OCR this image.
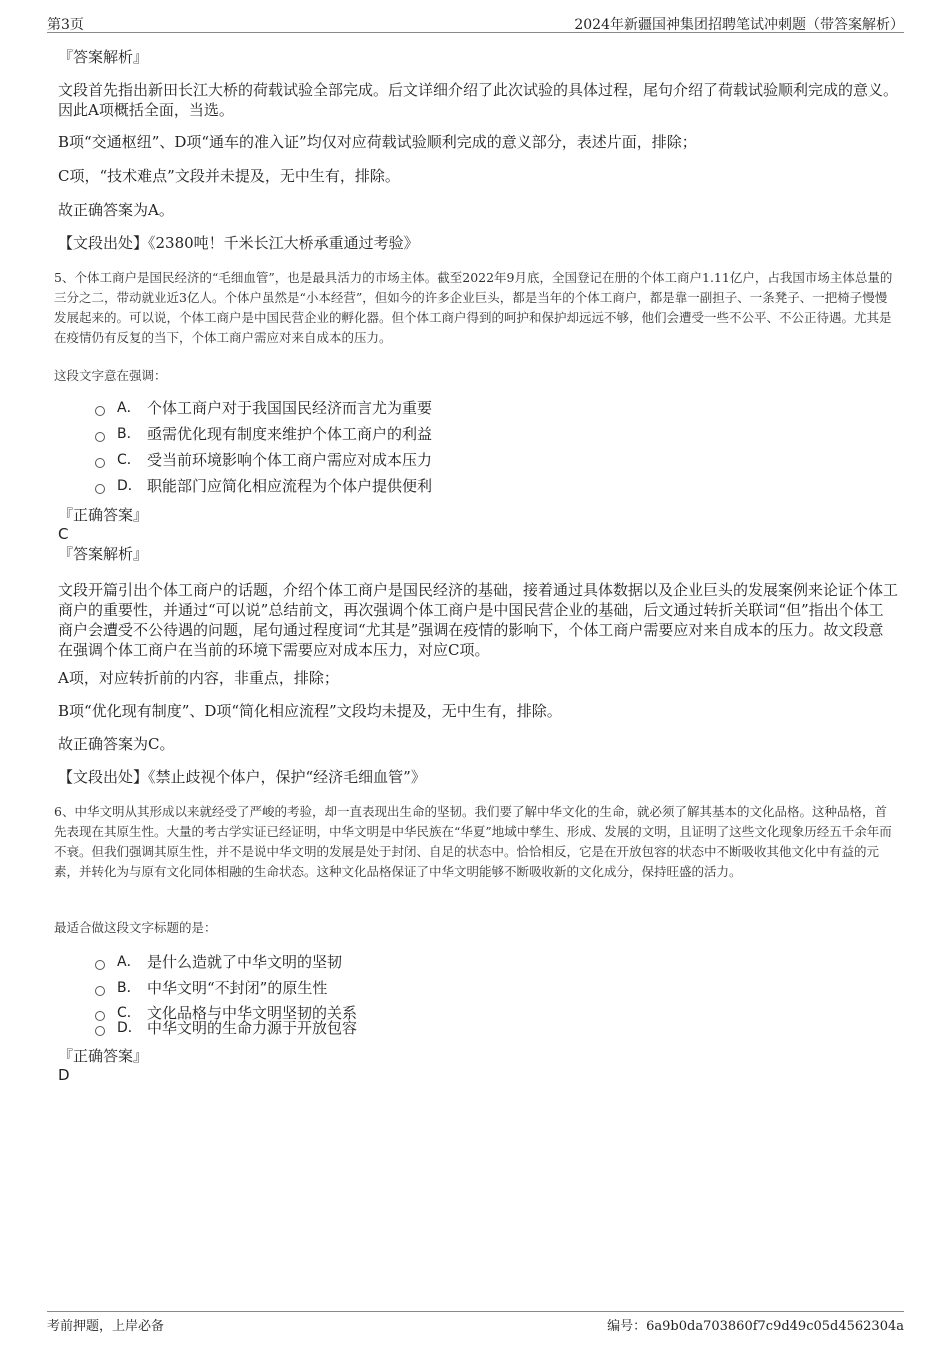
第3页	2024年新疆国神集团招聘笔试冲刺题（带答案解析）
『答案解析』
文段首先指出新田长江大桥的荷载试验全部完成。后文详细介绍了此次试验的具体过程，尾句介绍了荷载试验顺利完成的意义。因此A项概括全面，当选。
B项“交通枢纽”、D项“通车的准入证”均仅对应荷载试验顺利完成的意义部分，表述片面，排除；
C项，“技术难点”文段并未提及，无中生有，排除。
故正确答案为A。
【文段出处】《2380吨！千米长江大桥承重通过考验》
5、个体工商户是国民经济的“毛细血管”，也是最具活力的市场主体。截至2022年9月底，全国登记在册的个体工商户1.11亿户，占我国市场主体总量的三分之二，带动就业近3亿人。个体户虽然是“小本经营”，但如今的许多企业巨头，都是当年的个体工商户，都是靠一副担子、一条凳子、一把椅子慢慢发展起来的。可以说，个体工商户是中国民营企业的孵化器。但个体工商户得到的呵护和保护却远远不够，他们会遭受一些不公平、不公正待遇。尤其是在疫情仍有反复的当下，个体工商户需应对来自成本的压力。
这段文字意在强调：
A． 个体工商户对于我国国民经济而言尤为重要
B． 亟需优化现有制度来维护个体工商户的利益
C． 受当前环境影响个体工商户需应对成本压力
D． 职能部门应简化相应流程为个体户提供便利
『正确答案』
C
『答案解析』
文段开篇引出个体工商户的话题，介绍个体工商户是国民经济的基础，接着通过具体数据以及企业巨头的发展案例来论证个体工商户的重要性，并通过“可以说”总结前文，再次强调个体工商户是中国民营企业的基础，后文通过转折关联词“但”指出个体工商户会遭受不公待遇的问题，尾句通过程度词“尤其是”强调在疫情的影响下，个体工商户需要应对来自成本的压力。故文段意在强调个体工商户在当前的环境下需要应对成本压力，对应C项。
A项，对应转折前的内容，非重点，排除；
B项“优化现有制度”、D项“简化相应流程”文段均未提及，无中生有，排除。
故正确答案为C。
【文段出处】《禁止歧视个体户，保护“经济毛细血管”》
6、中华文明从其形成以来就经受了严峻的考验，却一直表现出生命的坚韧。我们要了解中华文化的生命，就必须了解其基本的文化品格。这种品格，首先表现在其原生性。大量的考古学实证已经证明，中华文明是中华民族在“华夏”地域中孳生、形成、发展的文明，且证明了这些文化现象历经五千余年而不衰。但我们强调其原生性，并不是说中华文明的发展是处于封闭、自足的状态中。恰恰相反，它是在开放包容的状态中不断吸收其他文化中有益的元素，并转化为与原有文化同体相融的生命状态。这种文化品格保证了中华文明能够不断吸收新的文化成分，保持旺盛的活力。
最适合做这段文字标题的是：
A． 是什么造就了中华文明的坚韧
B． 中华文明“不封闭”的原生性
C． 文化品格与中华文明坚韧的关系
D． 中华文明的生命力源于开放包容
『正确答案』
D
考前押题，上岸必备	编号：6a9b0da703860f7c9d49c05d4562304a
